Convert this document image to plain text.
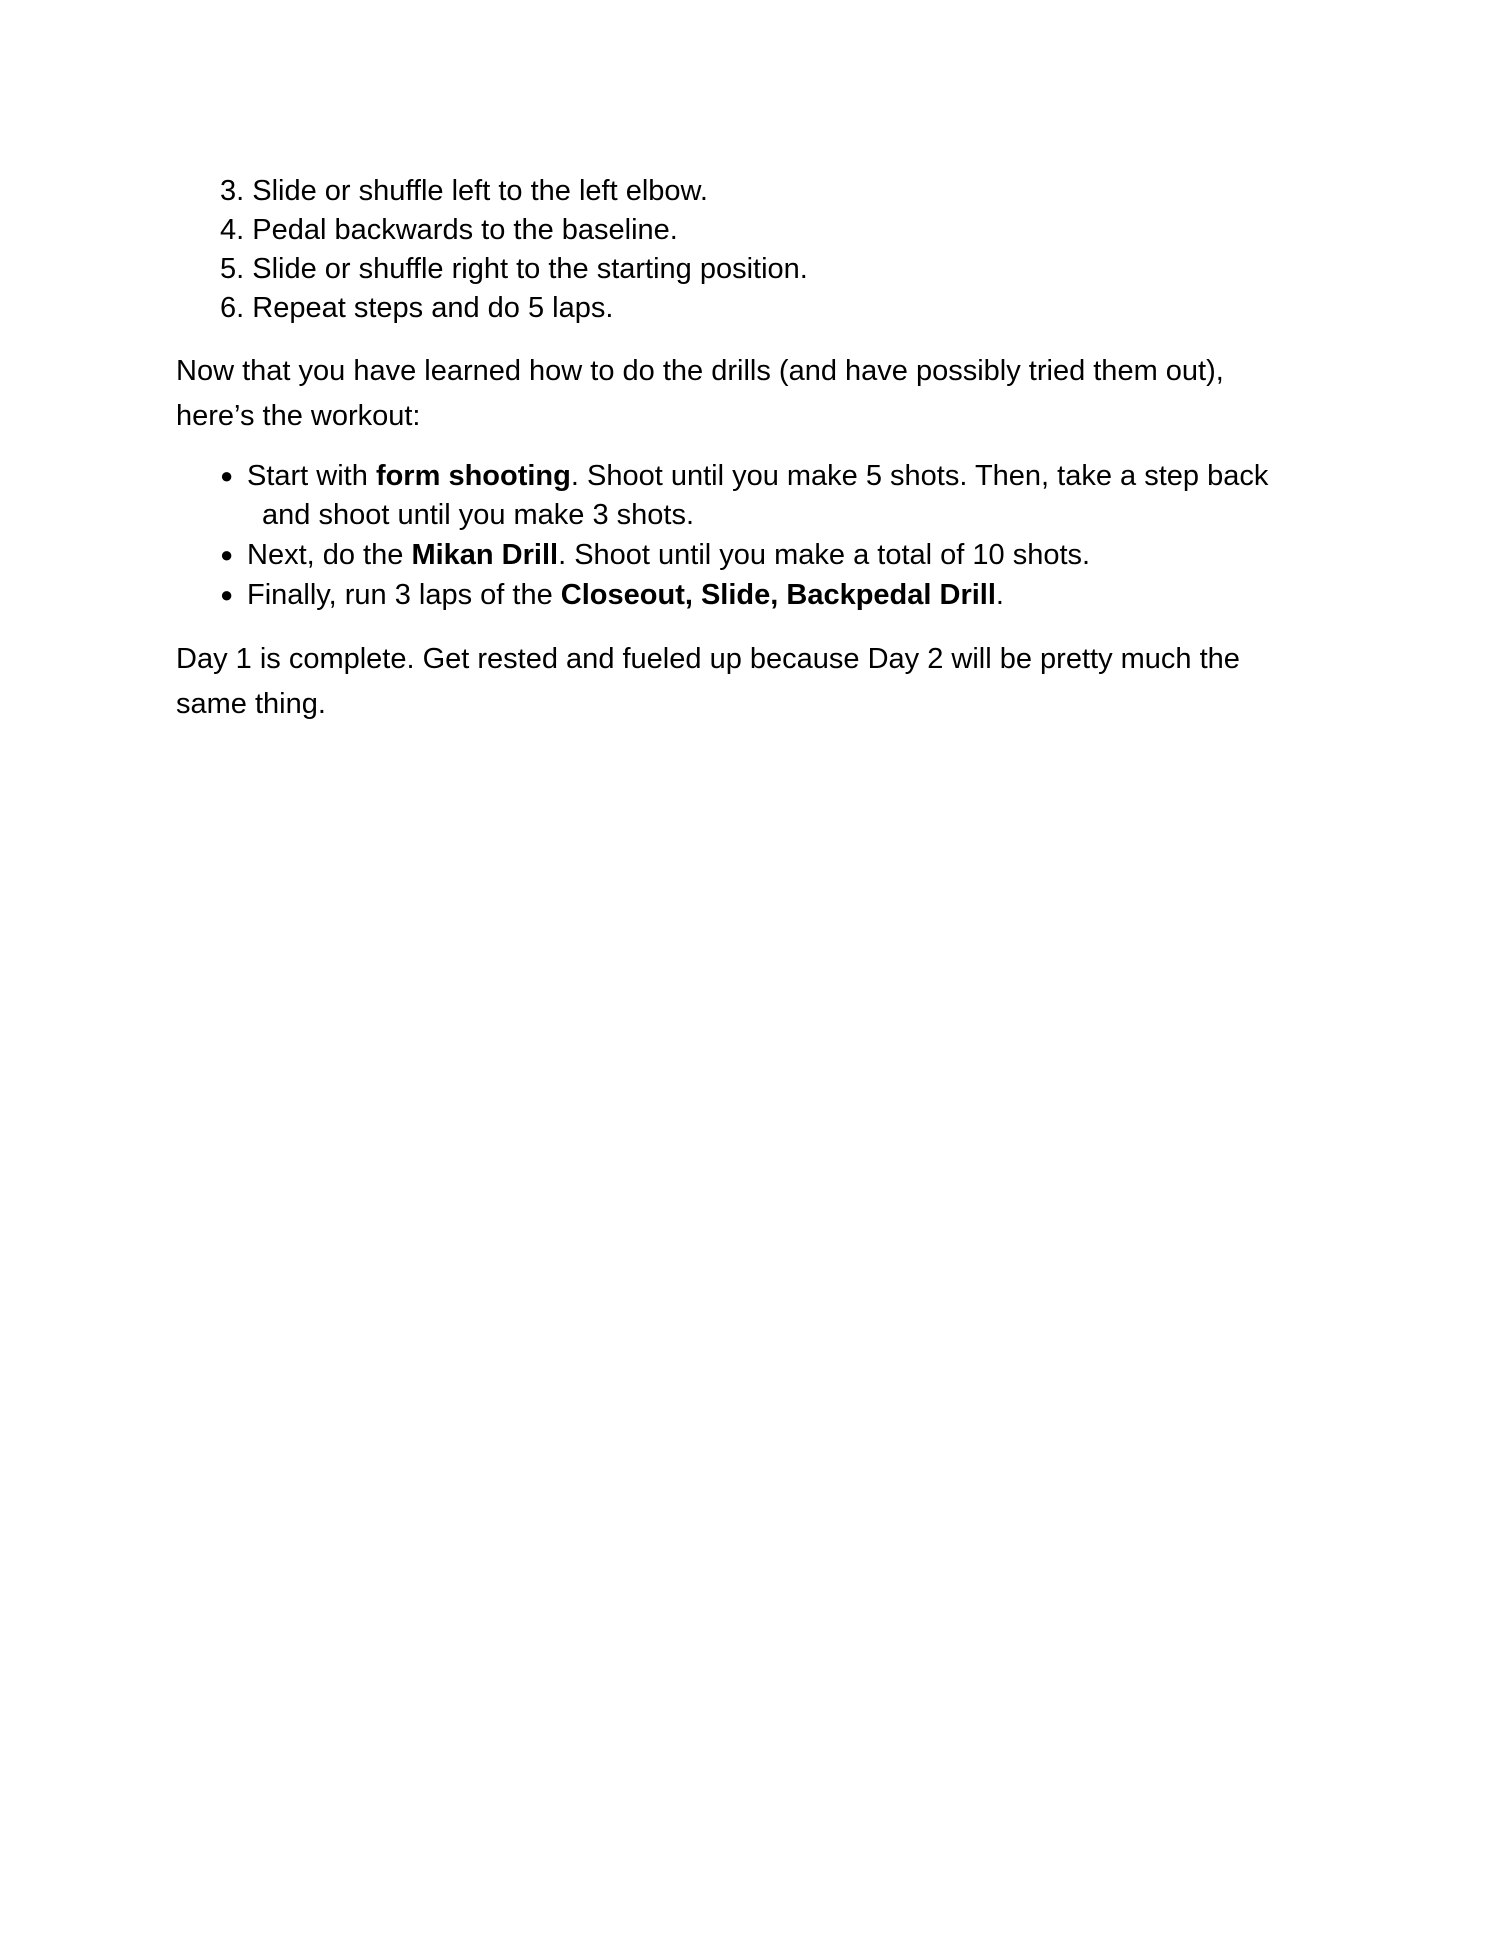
3. Slide or shuffle left to the left elbow.
4. Pedal backwards to the baseline.
5. Slide or shuffle right to the starting position.
6. Repeat steps and do 5 laps.

Now that you have learned how to do the drills (and have possibly tried them out),
here’s the workout:

● Start with form shooting. Shoot until you make 5 shots. Then, take a step back
and shoot until you make 3 shots.
● Next, do the Mikan Drill. Shoot until you make a total of 10 shots.
● Finally, run 3 laps of the Closeout, Slide, Backpedal Drill.

Day 1 is complete. Get rested and fueled up because Day 2 will be pretty much the
same thing.
